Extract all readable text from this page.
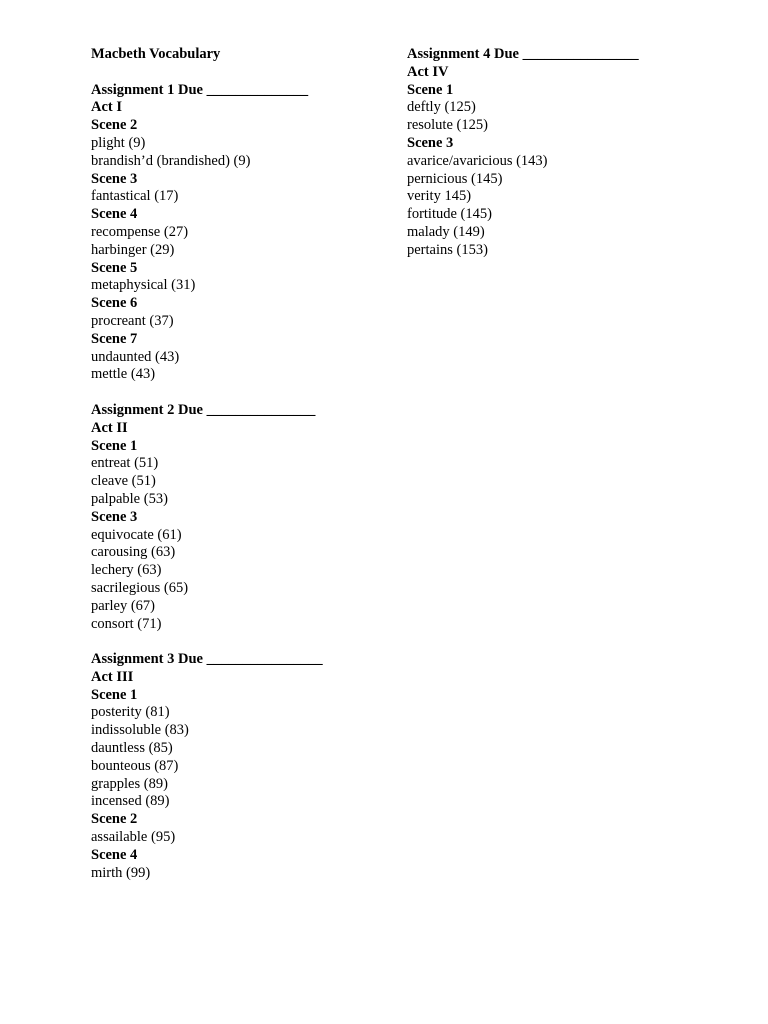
Macbeth Vocabulary
Assignment 1 Due ______________
Act I
Scene 2
plight (9)
brandish’d (brandished) (9)
Scene 3
fantastical (17)
Scene 4
recompense (27)
harbinger (29)
Scene 5
metaphysical (31)
Scene 6
procreant (37)
Scene 7
undaunted (43)
mettle (43)
Assignment 2 Due _______________
Act II
Scene 1
entreat (51)
cleave (51)
palpable (53)
Scene 3
equivocate (61)
carousing (63)
lechery (63)
sacrilegious (65)
parley (67)
consort (71)
Assignment 3 Due ________________
Act III
Scene 1
posterity (81)
indissoluble (83)
dauntless (85)
bounteous (87)
grapples (89)
incensed (89)
Scene 2
assailable (95)
Scene 4
mirth (99)
Assignment 4 Due ________________
Act IV
Scene 1
deftly (125)
resolute (125)
Scene 3
avarice/avaricious (143)
pernicious (145)
verity 145)
fortitude (145)
malady (149)
pertains (153)
